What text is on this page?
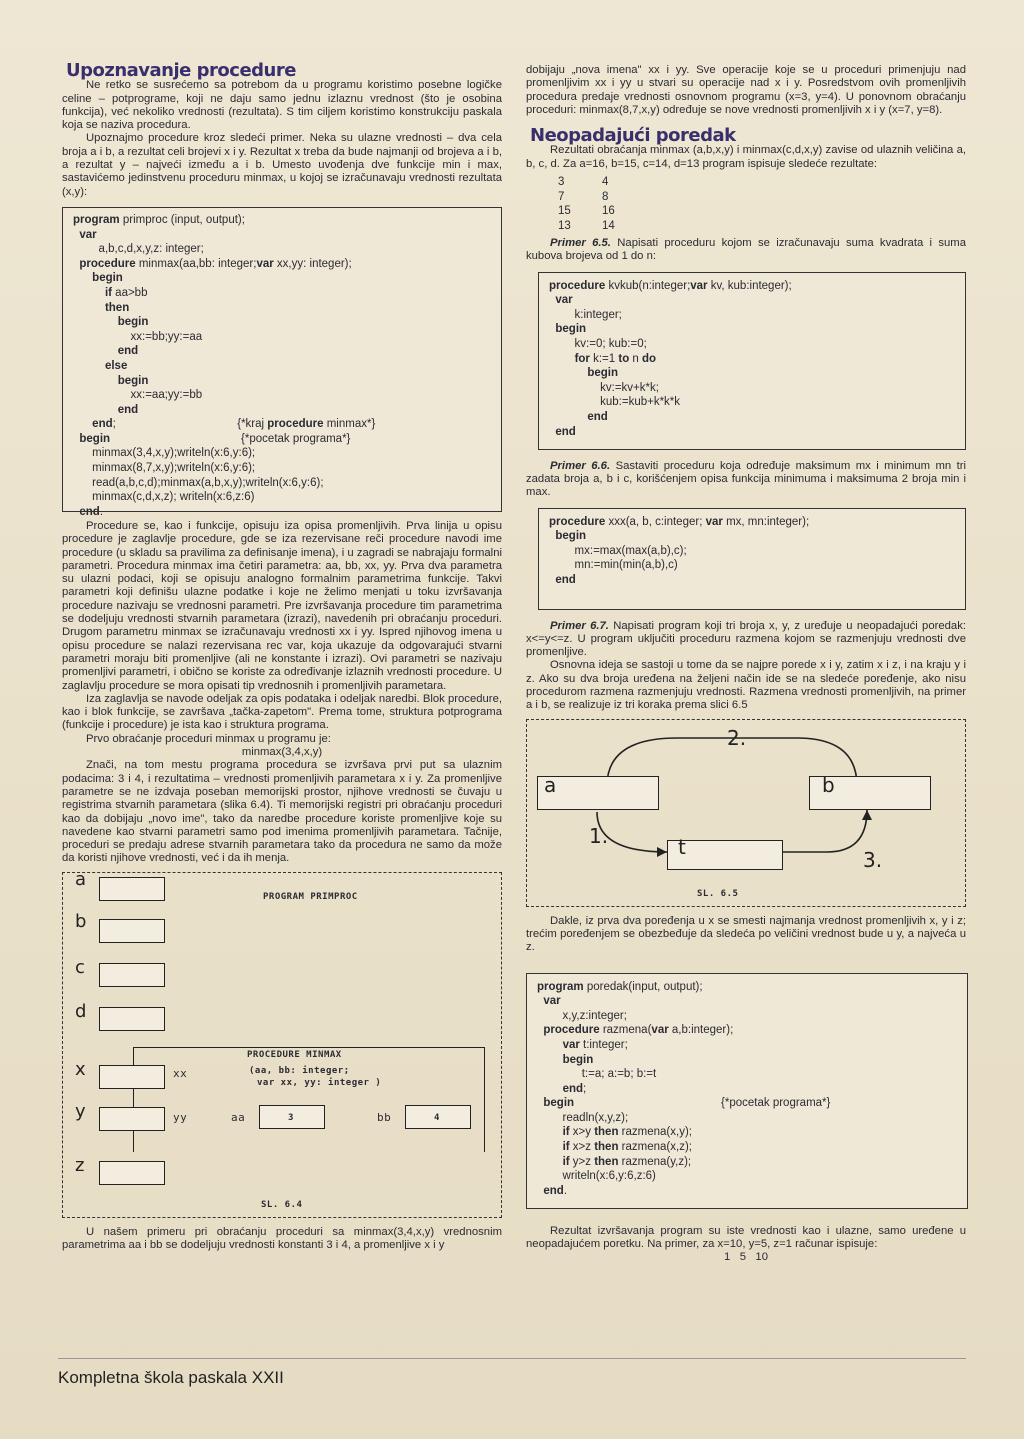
Upoznavanje procedure

Ne retko se susrećemo sa potrebom da u programu koristimo posebne logičke celine – potprograme, koji ne daju samo jednu izlaznu vrednost (što je osobina funkcija), već nekoliko vrednosti (rezultata). S tim ciljem koristimo konstrukciju paskala koja se naziva procedura.

Upoznajmo procedure kroz sledeći primer. Neka su ulazne vrednosti – dva cela broja a i b, a rezultat celi brojevi x i y. Rezultat x treba da bude najmanji od brojeva a i b, a rezultat y – najveći između a i b. Umesto uvođenja dve funkcije min i max, sastavićemo jedinstvenu proceduru minmax, u kojoj se izračunavaju vrednosti rezultata (x,y):

program primproc (input, output);
var
a,b,c,d,x,y,z: integer;
procedure minmax(aa,bb: integer;var xx,yy: integer);
begin
if aa>bb
then
begin
xx:=bb;yy:=aa
end
else
begin
xx:=aa;yy:=bb
end
end;                                      {*kraj procedure minmax*}
begin                                         {*pocetak programa*}
minmax(3,4,x,y);writeln(x:6,y:6);
minmax(8,7,x,y);writeln(x:6,y:6);
read(a,b,c,d);minmax(a,b,x,y);writeln(x:6,y:6);
minmax(c,d,x,z); writeln(x:6,z:6)
end.

Procedure se, kao i funkcije, opisuju iza opisa promenljivih. Prva linija u opisu procedure je zaglavlje procedure, gde se iza rezervisane reči procedure navodi ime procedure (u skladu sa pravilima za definisanje imena), i u zagradi se nabrajaju formalni parametri. Procedura minmax ima četiri parametra: aa, bb, xx, yy. Prva dva parametra su ulazni podaci, koji se opisuju analogno formalnim parametrima funkcije. Takvi parametri koji definišu ulazne podatke i koje ne želimo menjati u toku izvršavanja procedure nazivaju se vrednosni parametri. Pre izvršavanja procedure tim parametrima se dodeljuju vrednosti stvarnih parametara (izrazi), navedenih pri obraćanju proceduri. Drugom parametru minmax se izračunavaju vrednosti xx i yy. Ispred njihovog imena u opisu procedure se nalazi rezervisana rec var, koja ukazuje da odgovarajući stvarni parametri moraju biti promenljive (ali ne konstante i izrazi). Ovi parametri se nazivaju promenljivi parametri, i obično se koriste za određivanje izlaznih vrednosti procedure. U zaglavlju procedure se mora opisati tip vrednosnih i promenljivih parametara.

Iza zaglavlja se navode odeljak za opis podataka i odeljak naredbi. Blok procedure, kao i blok funkcije, se završava „tačka-zapetom". Prema tome, struktura potprograma (funkcije i procedure) je ista kao i struktura programa.

Prvo obraćanje proceduri minmax u programu je:

minmax(3,4,x,y)

Znači, na tom mestu programa procedura se izvršava prvi put sa ulaznim podacima: 3 i 4, i rezultatima – vrednosti promenljivih parametara x i y. Za promenljive parametre se ne izdvaja poseban memorijski prostor, njihove vrednosti se čuvaju u registrima stvarnih parametara (slika 6.4). Ti memorijski registri pri obraćanju proceduri kao da dobijaju „novo ime", tako da naredbe procedure koriste promenljive koje su navedene kao stvarni parametri samo pod imenima promenljivih parametara. Tačnije, proceduri se predaju adrese stvarnih parametara tako da procedura ne samo da može da koristi njihove vrednosti, već i da ih menja.

PROGRAM PRIMPROC
a
b
c
d
PROCEDURE MINMAX
(aa, bb: integer;
var xx, yy: integer )
x	xx
y	yy	aa	3	bb	4
z
SL. 6.4

U našem primeru pri obraćanju proceduri sa minmax(3,4,x,y) vrednosnim parametrima aa i bb se dodeljuju vrednosti konstanti 3 i 4, a promenljive x i y

dobijaju „nova imena" xx i yy. Sve operacije koje se u proceduri primenjuju nad promenljivim xx i yy u stvari su operacije nad x i y. Posredstvom ovih promenljivih procedura predaje vrednosti osnovnom programu (x=3, y=4). U ponovnom obraćanju proceduri: minmax(8,7,x,y) određuje se nove vrednosti promenljivih x i y (x=7, y=8).

Neopadajući poredak

Rezultati obraćanja minmax (a,b,x,y) i minmax(c,d,x,y) zavise od ulaznih veličina a, b, c, d. Za a=16, b=15, c=14, d=13 program ispisuje sledeće rezultate:

3	4
7	8
15	16
13	14

Primer 6.5. Napisati proceduru kojom se izračunavaju suma kvadrata i suma kubova brojeva od 1 do n:

procedure kvkub(n:integer;var kv, kub:integer);
var
k:integer;
begin
kv:=0; kub:=0;
for k:=1 to n do
begin
kv:=kv+k*k;
kub:=kub+k*k*k
end
end

Primer 6.6. Sastaviti proceduru koja određuje maksimum mx i minimum mn tri zadata broja a, b i c, korišćenjem opisa funkcija minimuma i maksimuma 2 broja min i max.

procedure xxx(a, b, c:integer; var mx, mn:integer);
begin
mx:=max(max(a,b),c);
mn:=min(min(a,b),c)
end

Primer 6.7. Napisati program koji tri broja x, y, z uređuje u neopadajući poredak: x<=y<=z. U program uključiti proceduru razmena kojom se razmenjuju vrednosti dve promenljive.

Osnovna ideja se sastoji u tome da se najpre porede x i y, zatim x i z, i na kraju y i z. Ako su dva broja uređena na željeni način ide se na sledeće poređenje, ako nisu procedurom razmena razmenjuju vrednosti. Razmena vrednosti promenljivih, na primer a i b, se realizuje iz tri koraka prema slici 6.5

a	b
t
2.
1.
3.
SL. 6.5

Dakle, iz prva dva poređenja u x se smesti najmanja vrednost promenljivih x, y i z; trećim poređenjem se obezbeđuje da sledeća po veličini vrednost bude u y, a najveća u z.

program poredak(input, output);
var
x,y,z:integer;
procedure razmena(var a,b:integer);
var t:integer;
begin
t:=a; a:=b; b:=t
end;
begin                                              {*pocetak programa*}
readln(x,y,z);
if x>y then razmena(x,y);
if x>z then razmena(x,z);
if y>z then razmena(y,z);
writeln(x:6,y:6,z:6)
end.

Rezultat izvršavanja program su iste vrednosti kao i ulazne, samo uređene u neopadajućem poretku. Na primer, za x=10, y=5, z=1 računar ispisuje:

1   5   10

Kompletna škola paskala XXII
